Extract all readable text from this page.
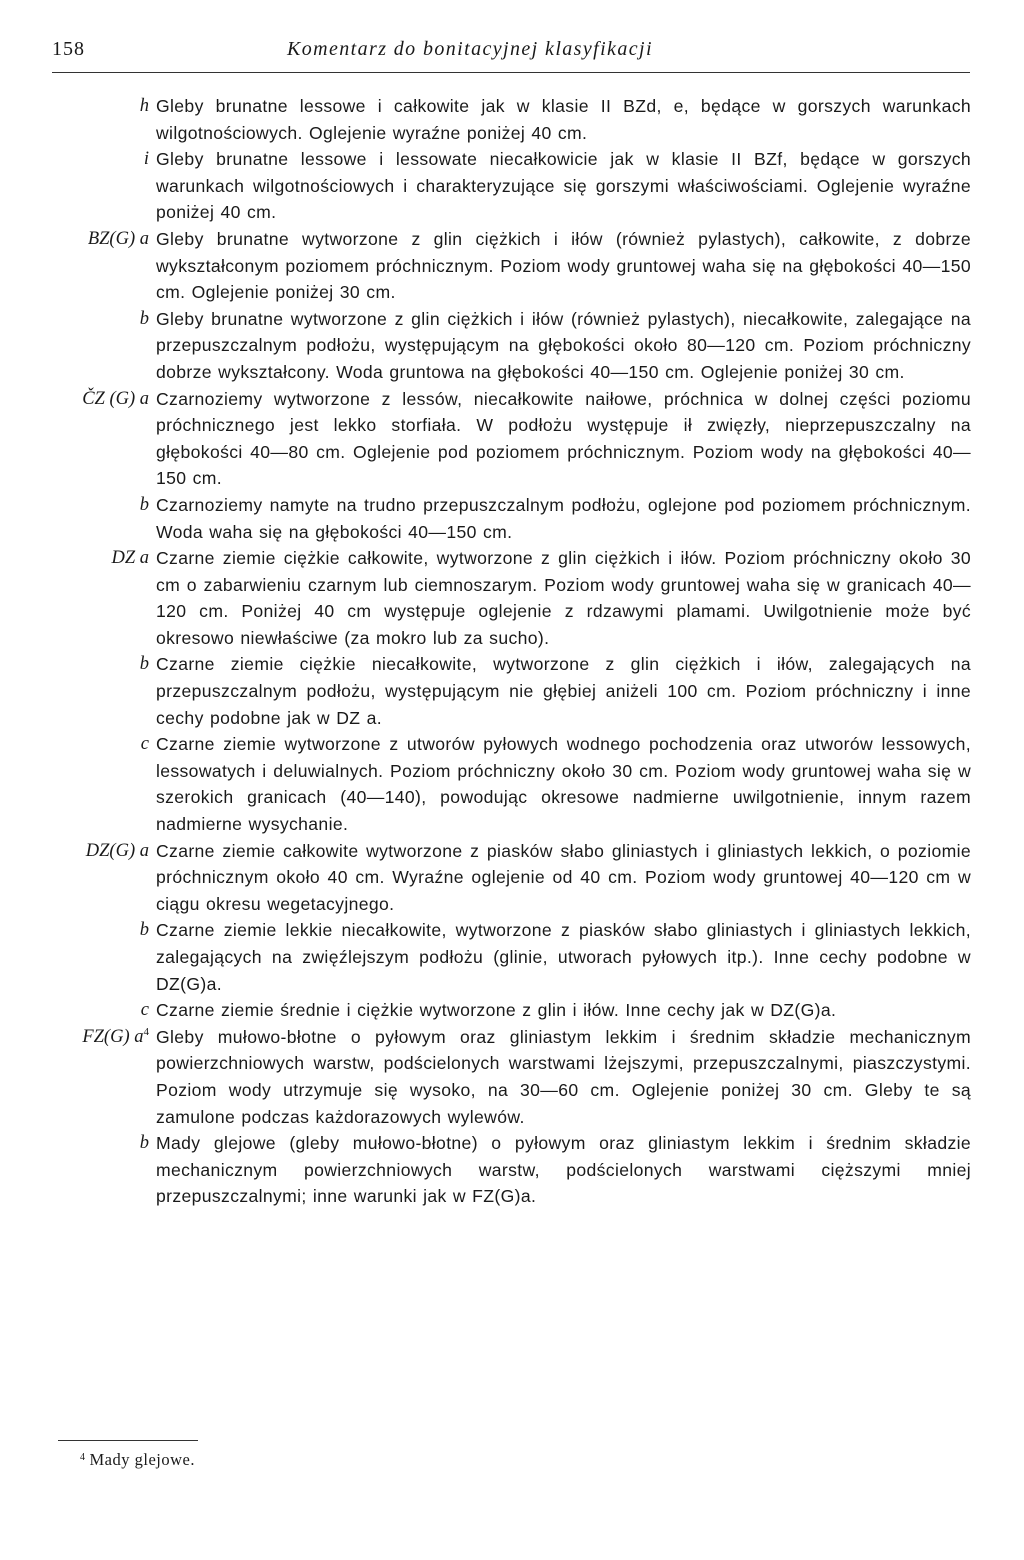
158	Komentarz do bonitacyjnej klasyfikacji
h Gleby brunatne lessowe i całkowite jak w klasie II BZd, e, będące w gorszych warunkach wilgotnościowych. Oglejenie wyraźne poniżej 40 cm.
i Gleby brunatne lessowe i lessowate niecałkowicie jak w klasie II BZf, będące w gorszych warunkach wilgotnościowych i charakteryzujące się gorszymi właściwościami. Oglejenie wyraźne poniżej 40 cm.
BZ(G) a Gleby brunatne wytworzone z glin ciężkich i iłów (również pylastych), całkowite, z dobrze wykształconym poziomem próchnicznym. Poziom wody gruntowej waha się na głębokości 40—150 cm. Oglejenie poniżej 30 cm.
b Gleby brunatne wytworzone z glin ciężkich i iłów (również pylastych), niecałkowite, zalegające na przepuszczalnym podłożu, występującym na głębokości około 80—120 cm. Poziom próchniczny dobrze wykształcony. Woda gruntowa na głębokości 40—150 cm. Oglejenie poniżej 30 cm.
ČZ (G) a Czarnoziemy wytworzone z lessów, niecałkowite naiłowe, próchnica w dolnej części poziomu próchnicznego jest lekko storfiała. W podłożu występuje ił zwięzły, nieprzepuszczalny na głębokości 40—80 cm. Oglejenie pod poziomem próchnicznym. Poziom wody na głębokości 40—150 cm.
b Czarnoziemy namyte na trudno przepuszczalnym podłożu, oglejone pod poziomem próchnicznym. Woda waha się na głębokości 40—150 cm.
DZ a Czarne ziemie ciężkie całkowite, wytworzone z glin ciężkich i iłów. Poziom próchniczny około 30 cm o zabarwieniu czarnym lub ciemnoszarym. Poziom wody gruntowej waha się w granicach 40—120 cm. Poniżej 40 cm występuje oglejenie z rdzawymi plamami. Uwilgotnienie może być okresowo niewłaściwe (za mokro lub za sucho).
b Czarne ziemie ciężkie niecałkowite, wytworzone z glin ciężkich i iłów, zalegających na przepuszczalnym podłożu, występującym nie głębiej aniżeli 100 cm. Poziom próchniczny i inne cechy podobne jak w DZ a.
c Czarne ziemie wytworzone z utworów pyłowych wodnego pochodzenia oraz utworów lessowych, lessowatych i deluwialnych. Poziom próchniczny około 30 cm. Poziom wody gruntowej waha się w szerokich granicach (40—140), powodując okresowe nadmierne uwilgotnienie, innym razem nadmierne wysychanie.
DZ(G) a Czarne ziemie całkowite wytworzone z piasków słabo gliniastych i gliniastych lekkich, o poziomie próchnicznym około 40 cm. Wyraźne oglejenie od 40 cm. Poziom wody gruntowej 40—120 cm w ciągu okresu wegetacyjnego.
b Czarne ziemie lekkie niecałkowite, wytworzone z piasków słabo gliniastych i gliniastych lekkich, zalegających na zwięźlejszym podłożu (glinie, utworach pyłowych itp.). Inne cechy podobne w DZ(G)a.
c Czarne ziemie średnie i ciężkie wytworzone z glin i iłów. Inne cechy jak w DZ(G)a.
FZ(G) $a^4$ Gleby mułowo-błotne o pyłowym oraz gliniastym lekkim i średnim składzie mechanicznym powierzchniowych warstw, podścielonych warstwami lżejszymi, przepuszczalnymi, piaszczystymi. Poziom wody utrzymuje się wysoko, na 30—60 cm. Oglejenie poniżej 30 cm. Gleby te są zamulone podczas każdorazowych wylewów.
b Mady glejowe (gleby mułowo-błotne) o pyłowym oraz gliniastym lekkim i średnim składzie mechanicznym powierzchniowych warstw, podścielonych warstwami cięższymi mniej przepuszczalnymi; inne warunki jak w FZ(G)a.
$^4$ Mady glejowe.
